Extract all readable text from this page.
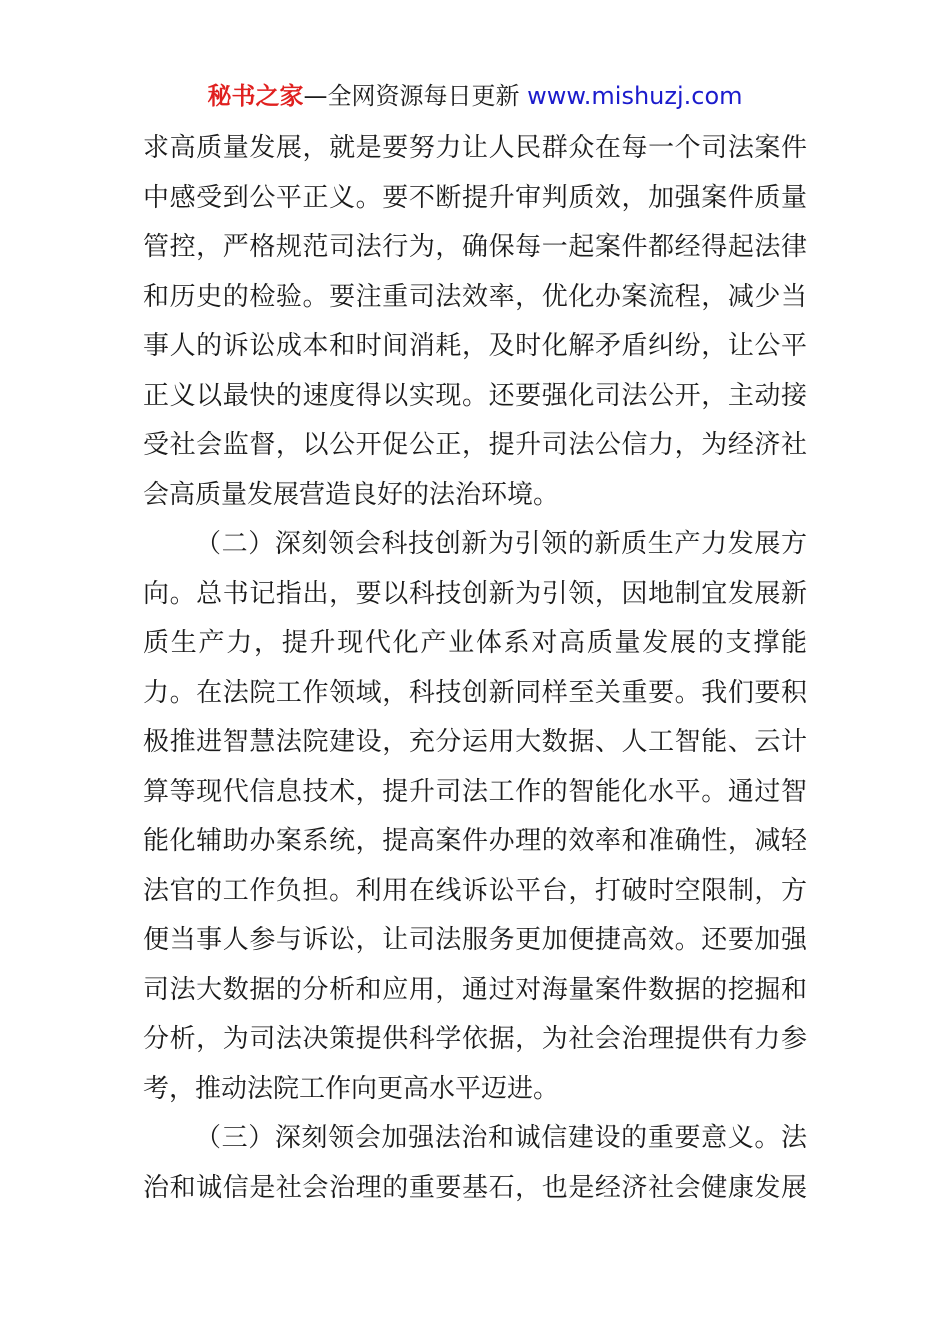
秘书之家—全网资源每日更新 www.mishuzj.com

求高质量发展，就是要努力让人民群众在每一个司法案件中感受到公平正义。要不断提升审判质效，加强案件质量管控，严格规范司法行为，确保每一起案件都经得起法律和历史的检验。要注重司法效率，优化办案流程，减少当事人的诉讼成本和时间消耗，及时化解矛盾纠纷，让公平正义以最快的速度得以实现。还要强化司法公开，主动接受社会监督，以公开促公正，提升司法公信力，为经济社会高质量发展营造良好的法治环境。

（二）深刻领会科技创新为引领的新质生产力发展方向。总书记指出，要以科技创新为引领，因地制宜发展新质生产力，提升现代化产业体系对高质量发展的支撑能力。在法院工作领域，科技创新同样至关重要。我们要积极推进智慧法院建设，充分运用大数据、人工智能、云计算等现代信息技术，提升司法工作的智能化水平。通过智能化辅助办案系统，提高案件办理的效率和准确性，减轻法官的工作负担。利用在线诉讼平台，打破时空限制，方便当事人参与诉讼，让司法服务更加便捷高效。还要加强司法大数据的分析和应用，通过对海量案件数据的挖掘和分析，为司法决策提供科学依据，为社会治理提供有力参考，推动法院工作向更高水平迈进。

（三）深刻领会加强法治和诚信建设的重要意义。法治和诚信是社会治理的重要基石，也是经济社会健康发展
